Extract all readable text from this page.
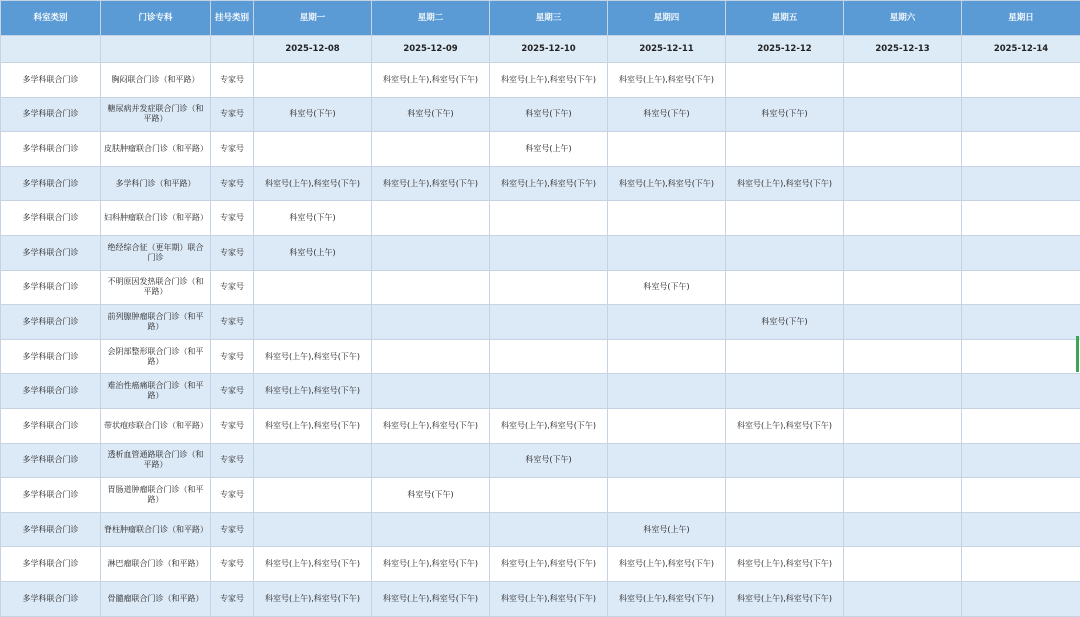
科室类别	门诊专科	挂号类别	星期一	星期二	星期三	星期四	星期五	星期六	星期日
			2025-12-08	2025-12-09	2025-12-10	2025-12-11	2025-12-12	2025-12-13	2025-12-14
多学科联合门诊	胸闷联合门诊（和平路）	专家号		科室号(上午),科室号(下午)	科室号(上午),科室号(下午)	科室号(上午),科室号(下午)			
多学科联合门诊	糖尿病并发症联合门诊（和平路）	专家号	科室号(下午)	科室号(下午)	科室号(下午)	科室号(下午)	科室号(下午)		
多学科联合门诊	皮肤肿瘤联合门诊（和平路）	专家号			科室号(上午)				
多学科联合门诊	多学科门诊（和平路）	专家号	科室号(上午),科室号(下午)	科室号(上午),科室号(下午)	科室号(上午),科室号(下午)	科室号(上午),科室号(下午)	科室号(上午),科室号(下午)		
多学科联合门诊	妇科肿瘤联合门诊（和平路）	专家号	科室号(下午)						
多学科联合门诊	绝经综合征（更年期）联合门诊	专家号	科室号(上午)						
多学科联合门诊	不明原因发热联合门诊（和平路）	专家号				科室号(下午)			
多学科联合门诊	前列腺肿瘤联合门诊（和平路）	专家号					科室号(下午)		
多学科联合门诊	会阴部整形联合门诊（和平路）	专家号	科室号(上午),科室号(下午)						
多学科联合门诊	难治性癌痛联合门诊（和平路）	专家号	科室号(上午),科室号(下午)						
多学科联合门诊	带状疱疹联合门诊（和平路）	专家号	科室号(上午),科室号(下午)	科室号(上午),科室号(下午)	科室号(上午),科室号(下午)		科室号(上午),科室号(下午)		
多学科联合门诊	透析血管通路联合门诊（和平路）	专家号			科室号(下午)				
多学科联合门诊	胃肠道肿瘤联合门诊（和平路）	专家号		科室号(下午)					
多学科联合门诊	脊柱肿瘤联合门诊（和平路）	专家号				科室号(上午)			
多学科联合门诊	淋巴瘤联合门诊（和平路）	专家号	科室号(上午),科室号(下午)	科室号(上午),科室号(下午)	科室号(上午),科室号(下午)	科室号(上午),科室号(下午)	科室号(上午),科室号(下午)		
多学科联合门诊	骨髓瘤联合门诊（和平路）	专家号	科室号(上午),科室号(下午)	科室号(上午),科室号(下午)	科室号(上午),科室号(下午)	科室号(上午),科室号(下午)	科室号(上午),科室号(下午)		
